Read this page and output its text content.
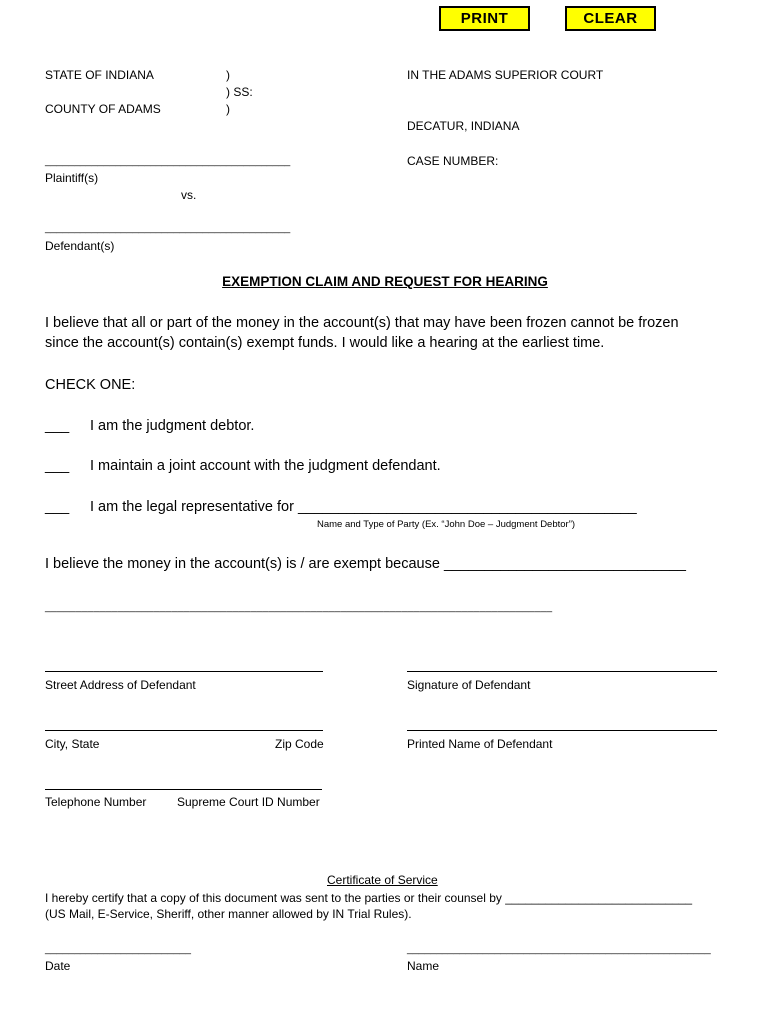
PRINT	CLEAR
STATE OF INDIANA	)
) SS:
)
COUNTY OF ADAMS
IN THE ADAMS SUPERIOR COURT
DECATUR, INDIANA
CASE NUMBER:
__________________________________________
Plaintiff(s)
vs.
__________________________________________
Defendant(s)
EXEMPTION CLAIM AND REQUEST FOR HEARING
I believe that all or part of the money in the account(s) that may have been frozen cannot be frozen
since the account(s) contain(s) exempt funds. I would like a hearing at the earliest time.
CHECK ONE:
___ I am the judgment debtor.
___ I maintain a joint account with the judgment defendant.
___ I am the legal representative for __________________________________________
Name and Type of Party (Ex. “John Doe – Judgment Debtor”)
I believe the money in the account(s) is / are exempt because ______________________________
____________________________________________________________________________________
Street Address of Defendant	Signature of Defendant
City, State	Zip Code	Printed Name of Defendant
Telephone Number	Supreme Court ID Number
Certificate of Service
I hereby certify that a copy of this document was sent to the parties or their counsel by ____________________________
(US Mail, E-Service, Sheriff, other manner allowed by IN Trial Rules).
_________________________	____________________________________________________
Date	Name
